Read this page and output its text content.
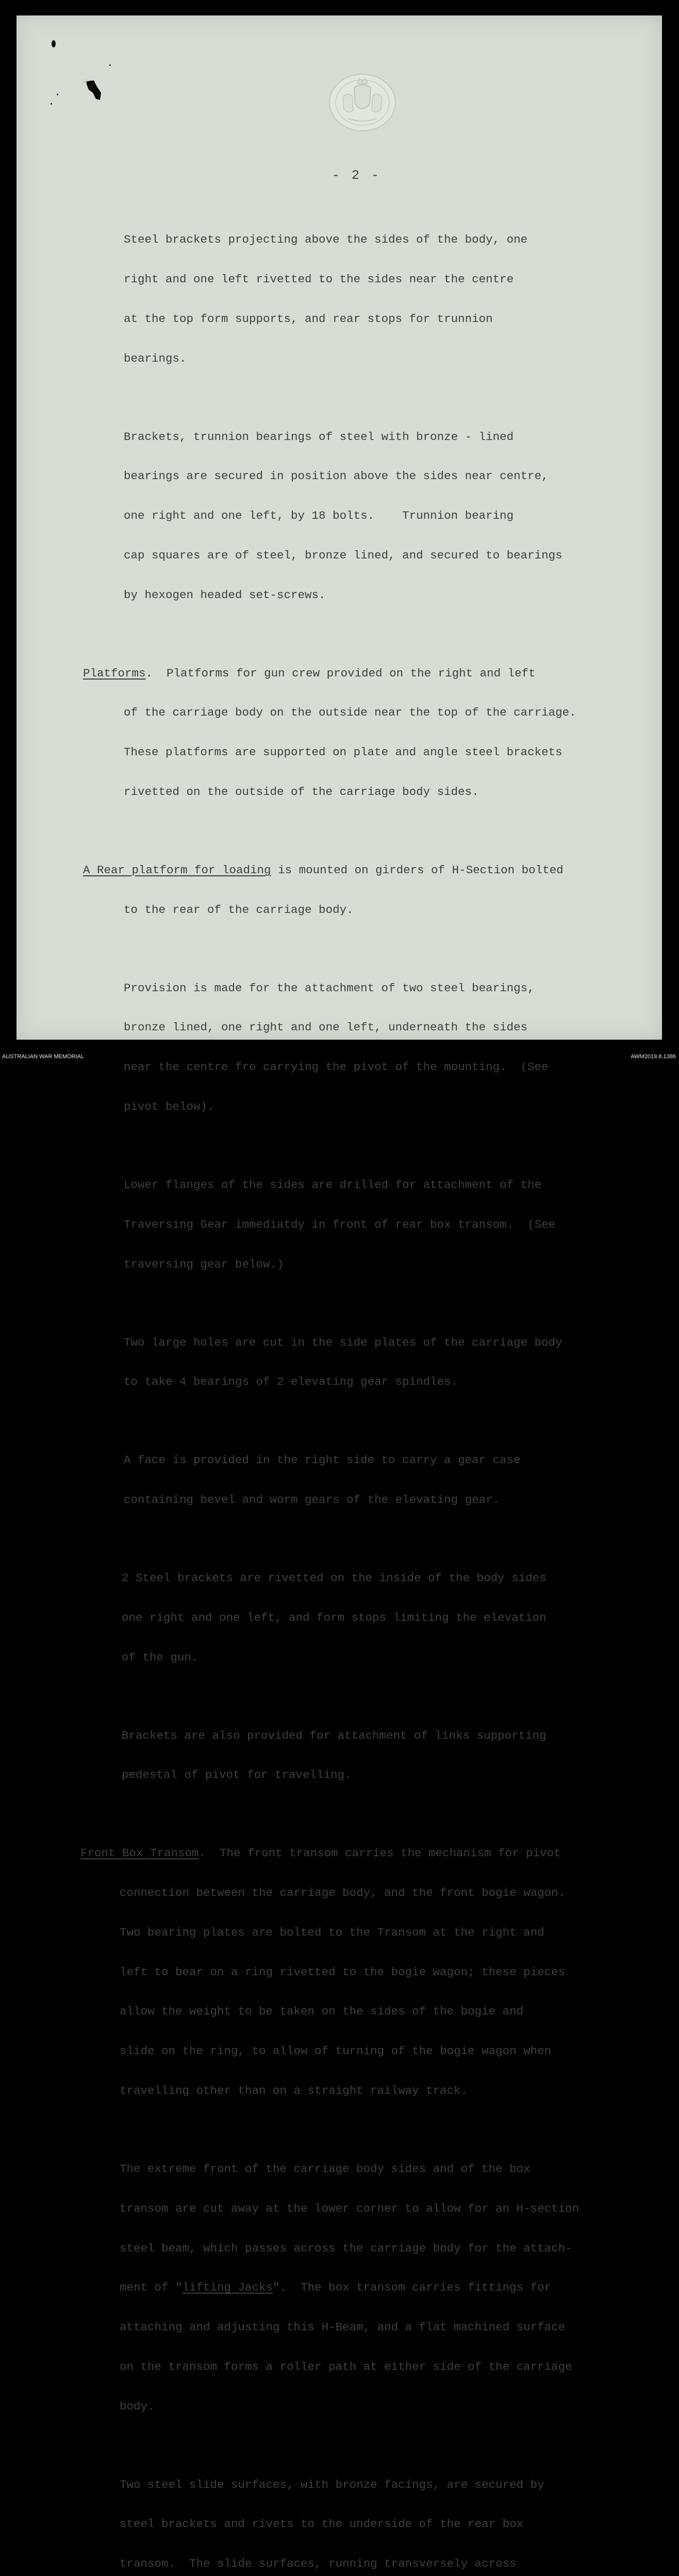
- 2 -

Steel brackets projecting above the sides of the body, one

right and one left rivetted to the sides near the centre

at the top form supports, and rear stops for trunnion

bearings.

Brackets, trunnion bearings of steel with bronze - lined

bearings are secured in position above the sides near centre,

one right and one left, by 18 bolts.    Trunnion bearing

cap squares are of steel, bronze lined, and secured to bearings

by hexogen headed set-screws.

Platforms.  Platforms for gun crew provided on the right and left

of the carriage body on the outside near the top of the carriage.

These platforms are supported on plate and angle steel brackets

rivetted on the outside of the carriage body sides.

A Rear platform for loading is mounted on girders of H-Section bolted

to the rear of the carriage body.

Provision is made for the attachment of two steel bearings,

bronze lined, one right and one left, underneath the sides

near the centre fro carrying the pivot of the mounting.  (See

pivot below).

Lower flanges of the sides are drilled for attachment of the

Traversing Gear immediatdy in front of rear box transom.  (See

traversing gear below.)

Two large holes are cut in the side plates of the carriage body

to take 4 bearings of 2 elevating gear spindles.

A face is provided in the right side to carry a gear case

containing bevel and worm gears of the elevating gear.

2 Steel brackets are rivetted on the inside of the body sides

one right and one left, and form stops limiting the elevation

of the gun.

Brackets are also provided for attachment of links supporting

pedestal of pivot for travelling.

Front Box Transom.  The front transom carries the mechanism for pivot

connection between the carriage body, and the front bogie wagon.

Two bearing plates are bolted to the Transom at the right and

left to bear on a ring rivetted to the bogie wagon; these pieces

allow the weight to be taken on the sides of the bogie and

slide on the ring, to allow of turning of the bogie wagon when

travelling other than on a straight railway track.

The extreme front of the carriage body sides and of the box

transom are cut away at the lower corner to allow for an H-section

steel beam, which passes across the carriage body for the attach-

ment of "lifting Jacks".  The box transom carries fittings for

attaching and adjusting this H-Beam, and a flat machined surface

on the transom forms a roller path at either side of the carriage

body.

Two steel slide surfaces, with bronze facings, are secured by

steel brackets and rivets to the underside of the rear box

transom.  The slide surfaces, running transversely across

AUSTRALIAN WAR MEMORIAL	AWM2019.8.1386
